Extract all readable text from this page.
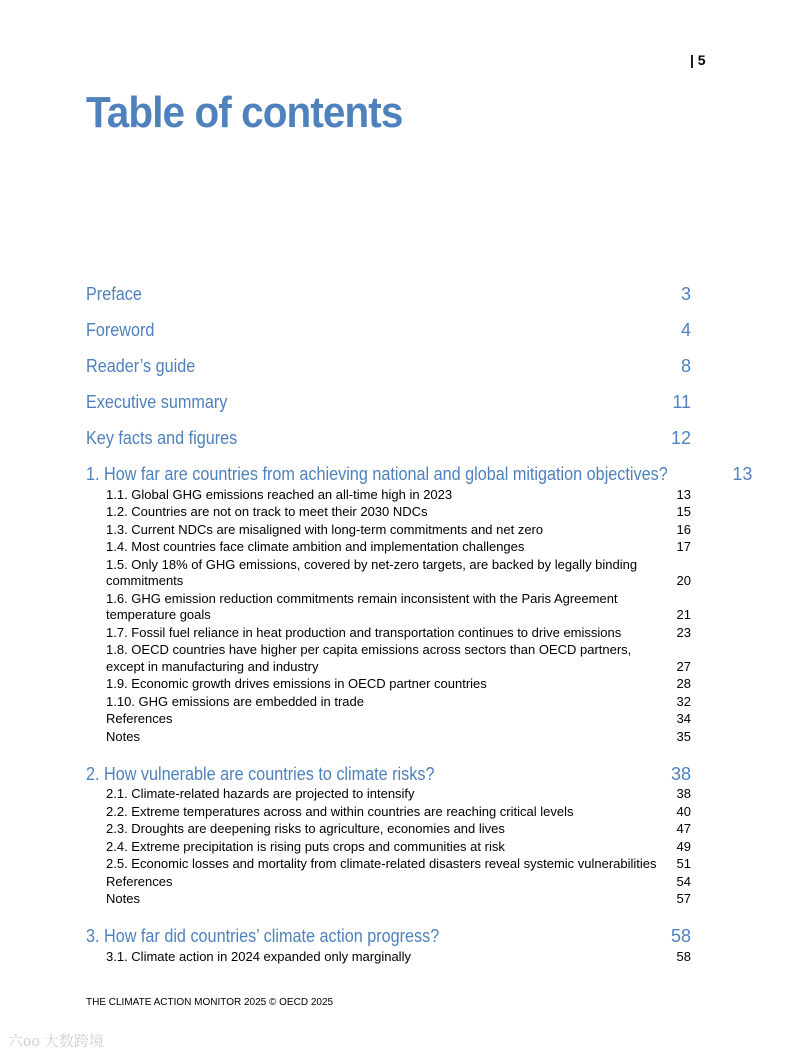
| 5
Table of contents
Preface	3
Foreword	4
Reader’s guide	8
Executive summary	11
Key facts and figures	12
1. How far are countries from achieving national and global mitigation objectives?	13
1.1. Global GHG emissions reached an all-time high in 2023	13
1.2. Countries are not on track to meet their 2030 NDCs	15
1.3. Current NDCs are misaligned with long-term commitments and net zero	16
1.4. Most countries face climate ambition and implementation challenges	17
1.5. Only 18% of GHG emissions, covered by net-zero targets, are backed by legally binding commitments	20
1.6. GHG emission reduction commitments remain inconsistent with the Paris Agreement temperature goals	21
1.7. Fossil fuel reliance in heat production and transportation continues to drive emissions	23
1.8. OECD countries have higher per capita emissions across sectors than OECD partners, except in manufacturing and industry	27
1.9. Economic growth drives emissions in OECD partner countries	28
1.10. GHG emissions are embedded in trade	32
References	34
Notes	35
2. How vulnerable are countries to climate risks?	38
2.1. Climate-related hazards are projected to intensify	38
2.2. Extreme temperatures across and within countries are reaching critical levels	40
2.3. Droughts are deepening risks to agriculture, economies and lives	47
2.4. Extreme precipitation is rising puts crops and communities at risk	49
2.5. Economic losses and mortality from climate-related disasters reveal systemic vulnerabilities	51
References	54
Notes	57
3. How far did countries’ climate action progress?	58
3.1. Climate action in 2024 expanded only marginally	58
THE CLIMATE ACTION MONITOR 2025 © OECD 2025
六oo 大数跨境
